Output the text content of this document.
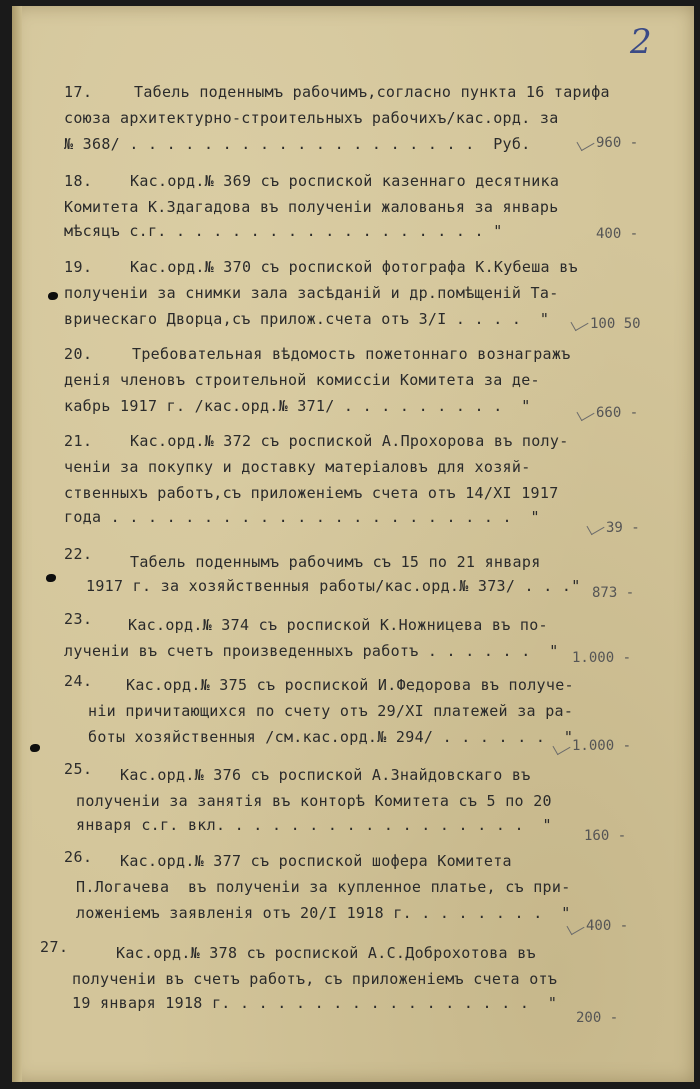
2
17.	Табель поденнымъ рабочимъ,согласно пункта 16 тарифа
союза архитектурно-строительныхъ рабочихъ/кас.орд. за
№ 368/ . . . . . . . . . . . . . . . . . . .  Руб.	960 -
18. Кас.орд.№ 369 съ роспиской казеннаго десятника
Комитета К.Здагадова въ полученіи жалованья за январь
мѣсяцъ с.г. . . . . . . . . . . . . . . . . . "	400 -
19. Кас.орд.№ 370 съ роспиской фотографа К.Кубеша въ
полученіи за снимки зала засѣданій и др.помѣщеній Та-
врическаго Дворца,съ прилож.счета отъ 3/I . . . .  "	100 50
20.	Требовательная вѣдомость пожетоннаго вознагражъ
денія членовъ строительной комиссіи Комитета за де-
кабрь 1917 г. /кас.орд.№ 371/ . . . . . . . . .  "	660 -
21. Кас.орд.№ 372 съ роспиской А.Прохорова въ полу-
ченіи за покупку и доставку матеріаловъ для хозяй-
ственныхъ работъ,съ приложеніемъ счета отъ 14/XI 1917
года . . . . . . . . . . . . . . . . . . . . . .  "
39 -
22. Табель поденнымъ рабочимъ съ 15 по 21 января
1917 г. за хозяйственныя работы/кас.орд.№ 373/ . . ." 873 -
23. Кас.орд.№ 374 съ роспиской К.Ножницева въ по-
лученіи въ счетъ произведенныхъ работъ . . . . . .  " 1.000 -
24. Кас.орд.№ 375 съ роспиской И.Федорова въ получе-
ніи причитающихся по счету отъ 29/XI платежей за ра-
боты хозяйственныя /см.кас.орд.№ 294/ . . . . . .  "
1.000 -
25. Кас.орд.№ 376 съ роспиской А.Знайдовскаго въ
полученіи за занятія въ конторѣ Комитета съ 5 по 20
января с.г. вкл. . . . . . . . . . . . . . . . .  "
160 -
26. Кас.орд.№ 377 съ роспиской шофера Комитета
П.Логачева  въ полученіи за купленное платье, съ при-
ложеніемъ заявленія отъ 20/I 1918 г. . . . . . . .  "
400 -
27.	Кас.орд.№ 378 съ роспиской А.С.Доброхотова въ
полученіи въ счетъ работъ, съ приложеніемъ счета отъ
19 января 1918 г. . . . . . . . . . . . . . . . .  "
200 -
